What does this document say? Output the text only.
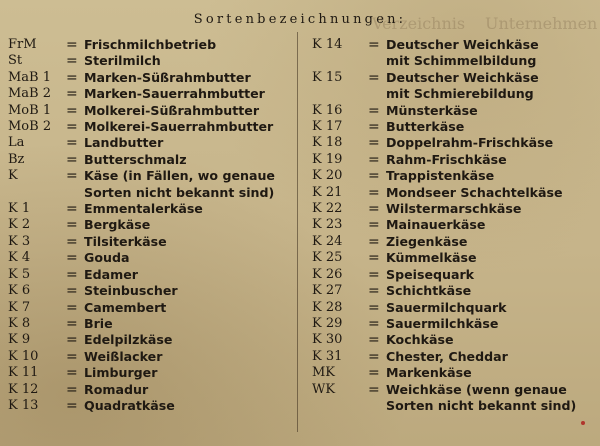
Verzeichnis Unternehmen
Sortenbezeichnungen:
FrM	= Frischmilchbetrieb
St	= Sterilmilch
MaB 1	= Marken-Süßrahmbutter
MaB 2	= Marken-Sauerrahmbutter
MoB 1	= Molkerei-Süßrahmbutter
MoB 2	= Molkerei-Sauerrahmbutter
La	= Landbutter
Bz	= Butterschmalz
K	= Käse (in Fällen, wo genaue
Sorten nicht bekannt sind)
K 1	= Emmentalerkäse
K 2	= Bergkäse
K 3	= Tilsiterkäse
K 4	= Gouda
K 5	= Edamer
K 6	= Steinbuscher
K 7	= Camembert
K 8	= Brie
K 9	= Edelpilzkäse
K 10	= Weißlacker
K 11	= Limburger
K 12	= Romadur
K 13	= Quadratkäse
K 14	= Deutscher Weichkäse
mit Schimmelbildung
K 15	= Deutscher Weichkäse
mit Schmierebildung
K 16	= Münsterkäse
K 17	= Butterkäse
K 18	= Doppelrahm-Frischkäse
K 19	= Rahm-Frischkäse
K 20	= Trappistenkäse
K 21	= Mondseer Schachtelkäse
K 22	= Wilstermarschkäse
K 23	= Mainauerkäse
K 24	= Ziegenkäse
K 25	= Kümmelkäse
K 26	= Speisequark
K 27	= Schichtkäse
K 28	= Sauermilchquark
K 29	= Sauermilchkäse
K 30	= Kochkäse
K 31	= Chester, Cheddar
MK	= Markenkäse
WK	= Weichkäse (wenn genaue
Sorten nicht bekannt sind)
